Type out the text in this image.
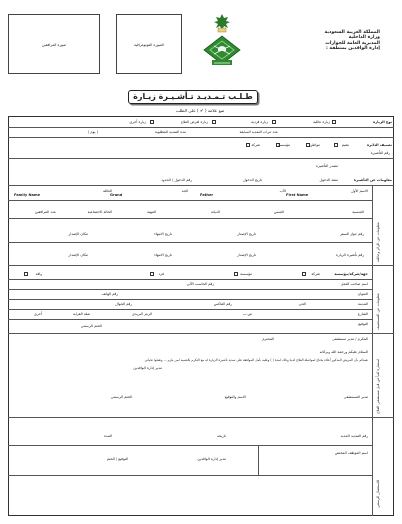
المملكة العربية السعودية
وزارة الداخلية
المديرية العامة للجوازات
إدارة الوافدين بمنطقة :
الصورة الفوتوغرافية
صورة المرافقين
طـلـب تـمـديـد تـأشـيـرة زيـارة
ضع علامة ( ✔ ) على الطلب
نوع الزيارة
زيارة عائلية
زيارة فردية
زيارة لغرض العلاج
زيارة أخرى
عدد مرات التمديد السابقة
مدة التمديد المطلوبة
( يوم )
تصنيف الدائرة
مقيم
مواطن
مؤسسة
شركة
رقم التأشيرة
معلومات عن التأشيرة
مصدر التأشيرة
منفذ الدخول
تاريخ الدخول
رقم الدخول / الحدود
معلومات عن الزائر وعائلته
الاسم الأول
الأب
الجد
العائلة
First Name
Father
Grand
Family Name
الجنسية
الجنس
الديانة
المهنة
الحالة الاجتماعية
عدد المرافقين
رقم جواز السفر
تاريخ الإصدار
تاريخ الانتهاء
مكان الإصدار
رقم تأشيرة الزيارة
تاريخ الإصدار
تاريخ الانتهاء
مكان الإصدار
معلومات عن المستضيف
جهة/شركة/مؤسسة
شركة
مؤسسة
فرد
وافد
اسم صاحب العمل
رقم الحاسب الآلي
العنوان
رقم الهاتف
المدينة
الحي
رقم الفاكس
رقم الجوال
الشارع
ص.ب
الرمز البريدي
صلة القرابة
أخرى
التوقيع
الختم الرسمي
استمارة تُعبأ من قبل مستشفى العلاج
المكرم / مدير مستشفى
المحترم
السلام عليكم ورحمة الله وبركاته
نفيدكم بأن المريض المذكور أعلاه يحتاج لمواصلة العلاج لدينا وذلك لمدة ( ) وعليه نأمل الموافقة على تمديد تأشيرة الزيارة له مع التكرم بالتعميد لمن يلزم ... وتقبلوا تحياتي
مدير إدارة الوافدين
مدير المستشفى
الاسم والتوقيع
الختم الرسمي
للاستعمال الرسمي
رقم التمديد الجديد
تاريخه
المدة
اسم الموظف المختص
مدير إدارة الوافدين
التوقيع / الختم
